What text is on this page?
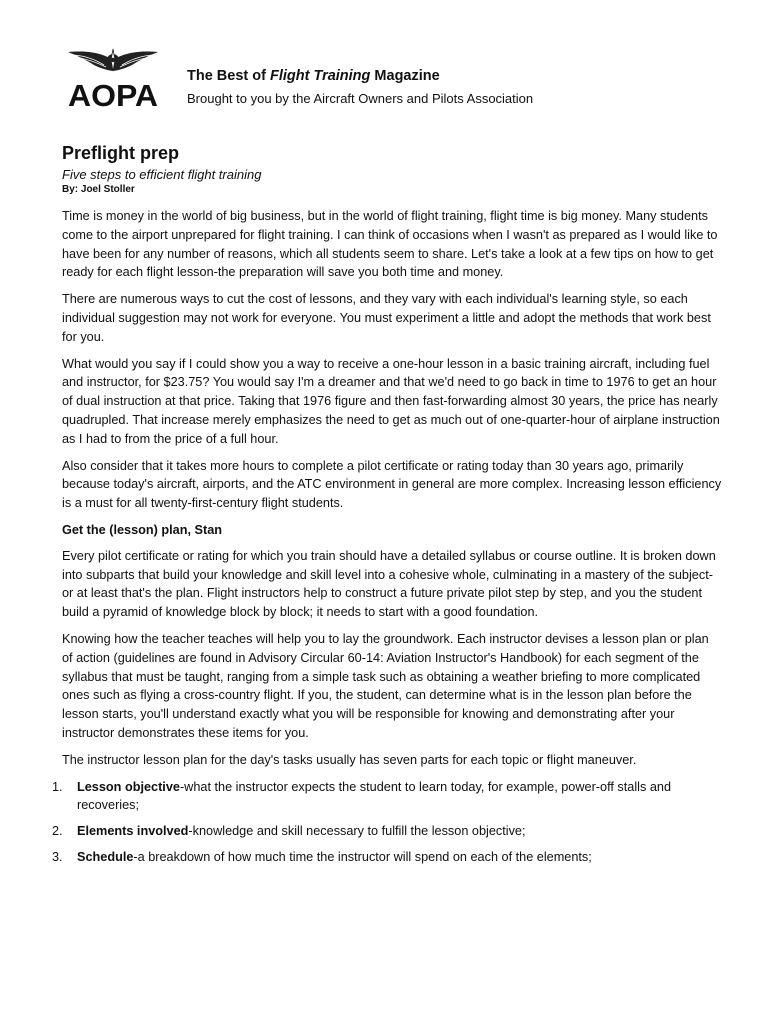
AOPA
The Best of Flight Training Magazine
Brought to you by the Aircraft Owners and Pilots Association
Preflight prep
Five steps to efficient flight training
By: Joel Stoller

Time is money in the world of big business, but in the world of flight training, flight time is big money. Many students come to the airport unprepared for flight training. I can think of occasions when I wasn't as prepared as I would like to have been for any number of reasons, which all students seem to share. Let's take a look at a few tips on how to get ready for each flight lesson-the preparation will save you both time and money.

There are numerous ways to cut the cost of lessons, and they vary with each individual's learning style, so each individual suggestion may not work for everyone. You must experiment a little and adopt the methods that work best for you.

What would you say if I could show you a way to receive a one-hour lesson in a basic training aircraft, including fuel and instructor, for $23.75? You would say I'm a dreamer and that we'd need to go back in time to 1976 to get an hour of dual instruction at that price. Taking that 1976 figure and then fast-forwarding almost 30 years, the price has nearly quadrupled. That increase merely emphasizes the need to get as much out of one-quarter-hour of airplane instruction as I had to from the price of a full hour.

Also consider that it takes more hours to complete a pilot certificate or rating today than 30 years ago, primarily because today's aircraft, airports, and the ATC environment in general are more complex. Increasing lesson efficiency is a must for all twenty-first-century flight students.

Get the (lesson) plan, Stan

Every pilot certificate or rating for which you train should have a detailed syllabus or course outline. It is broken down into subparts that build your knowledge and skill level into a cohesive whole, culminating in a mastery of the subject-or at least that's the plan. Flight instructors help to construct a future private pilot step by step, and you the student build a pyramid of knowledge block by block; it needs to start with a good foundation.

Knowing how the teacher teaches will help you to lay the groundwork. Each instructor devises a lesson plan or plan of action (guidelines are found in Advisory Circular 60-14: Aviation Instructor's Handbook) for each segment of the syllabus that must be taught, ranging from a simple task such as obtaining a weather briefing to more complicated ones such as flying a cross-country flight. If you, the student, can determine what is in the lesson plan before the lesson starts, you'll understand exactly what you will be responsible for knowing and demonstrating after your instructor demonstrates these items for you.

The instructor lesson plan for the day's tasks usually has seven parts for each topic or flight maneuver.

1. Lesson objective-what the instructor expects the student to learn today, for example, power-off stalls and recoveries;
2. Elements involved-knowledge and skill necessary to fulfill the lesson objective;
3. Schedule-a breakdown of how much time the instructor will spend on each of the elements;
